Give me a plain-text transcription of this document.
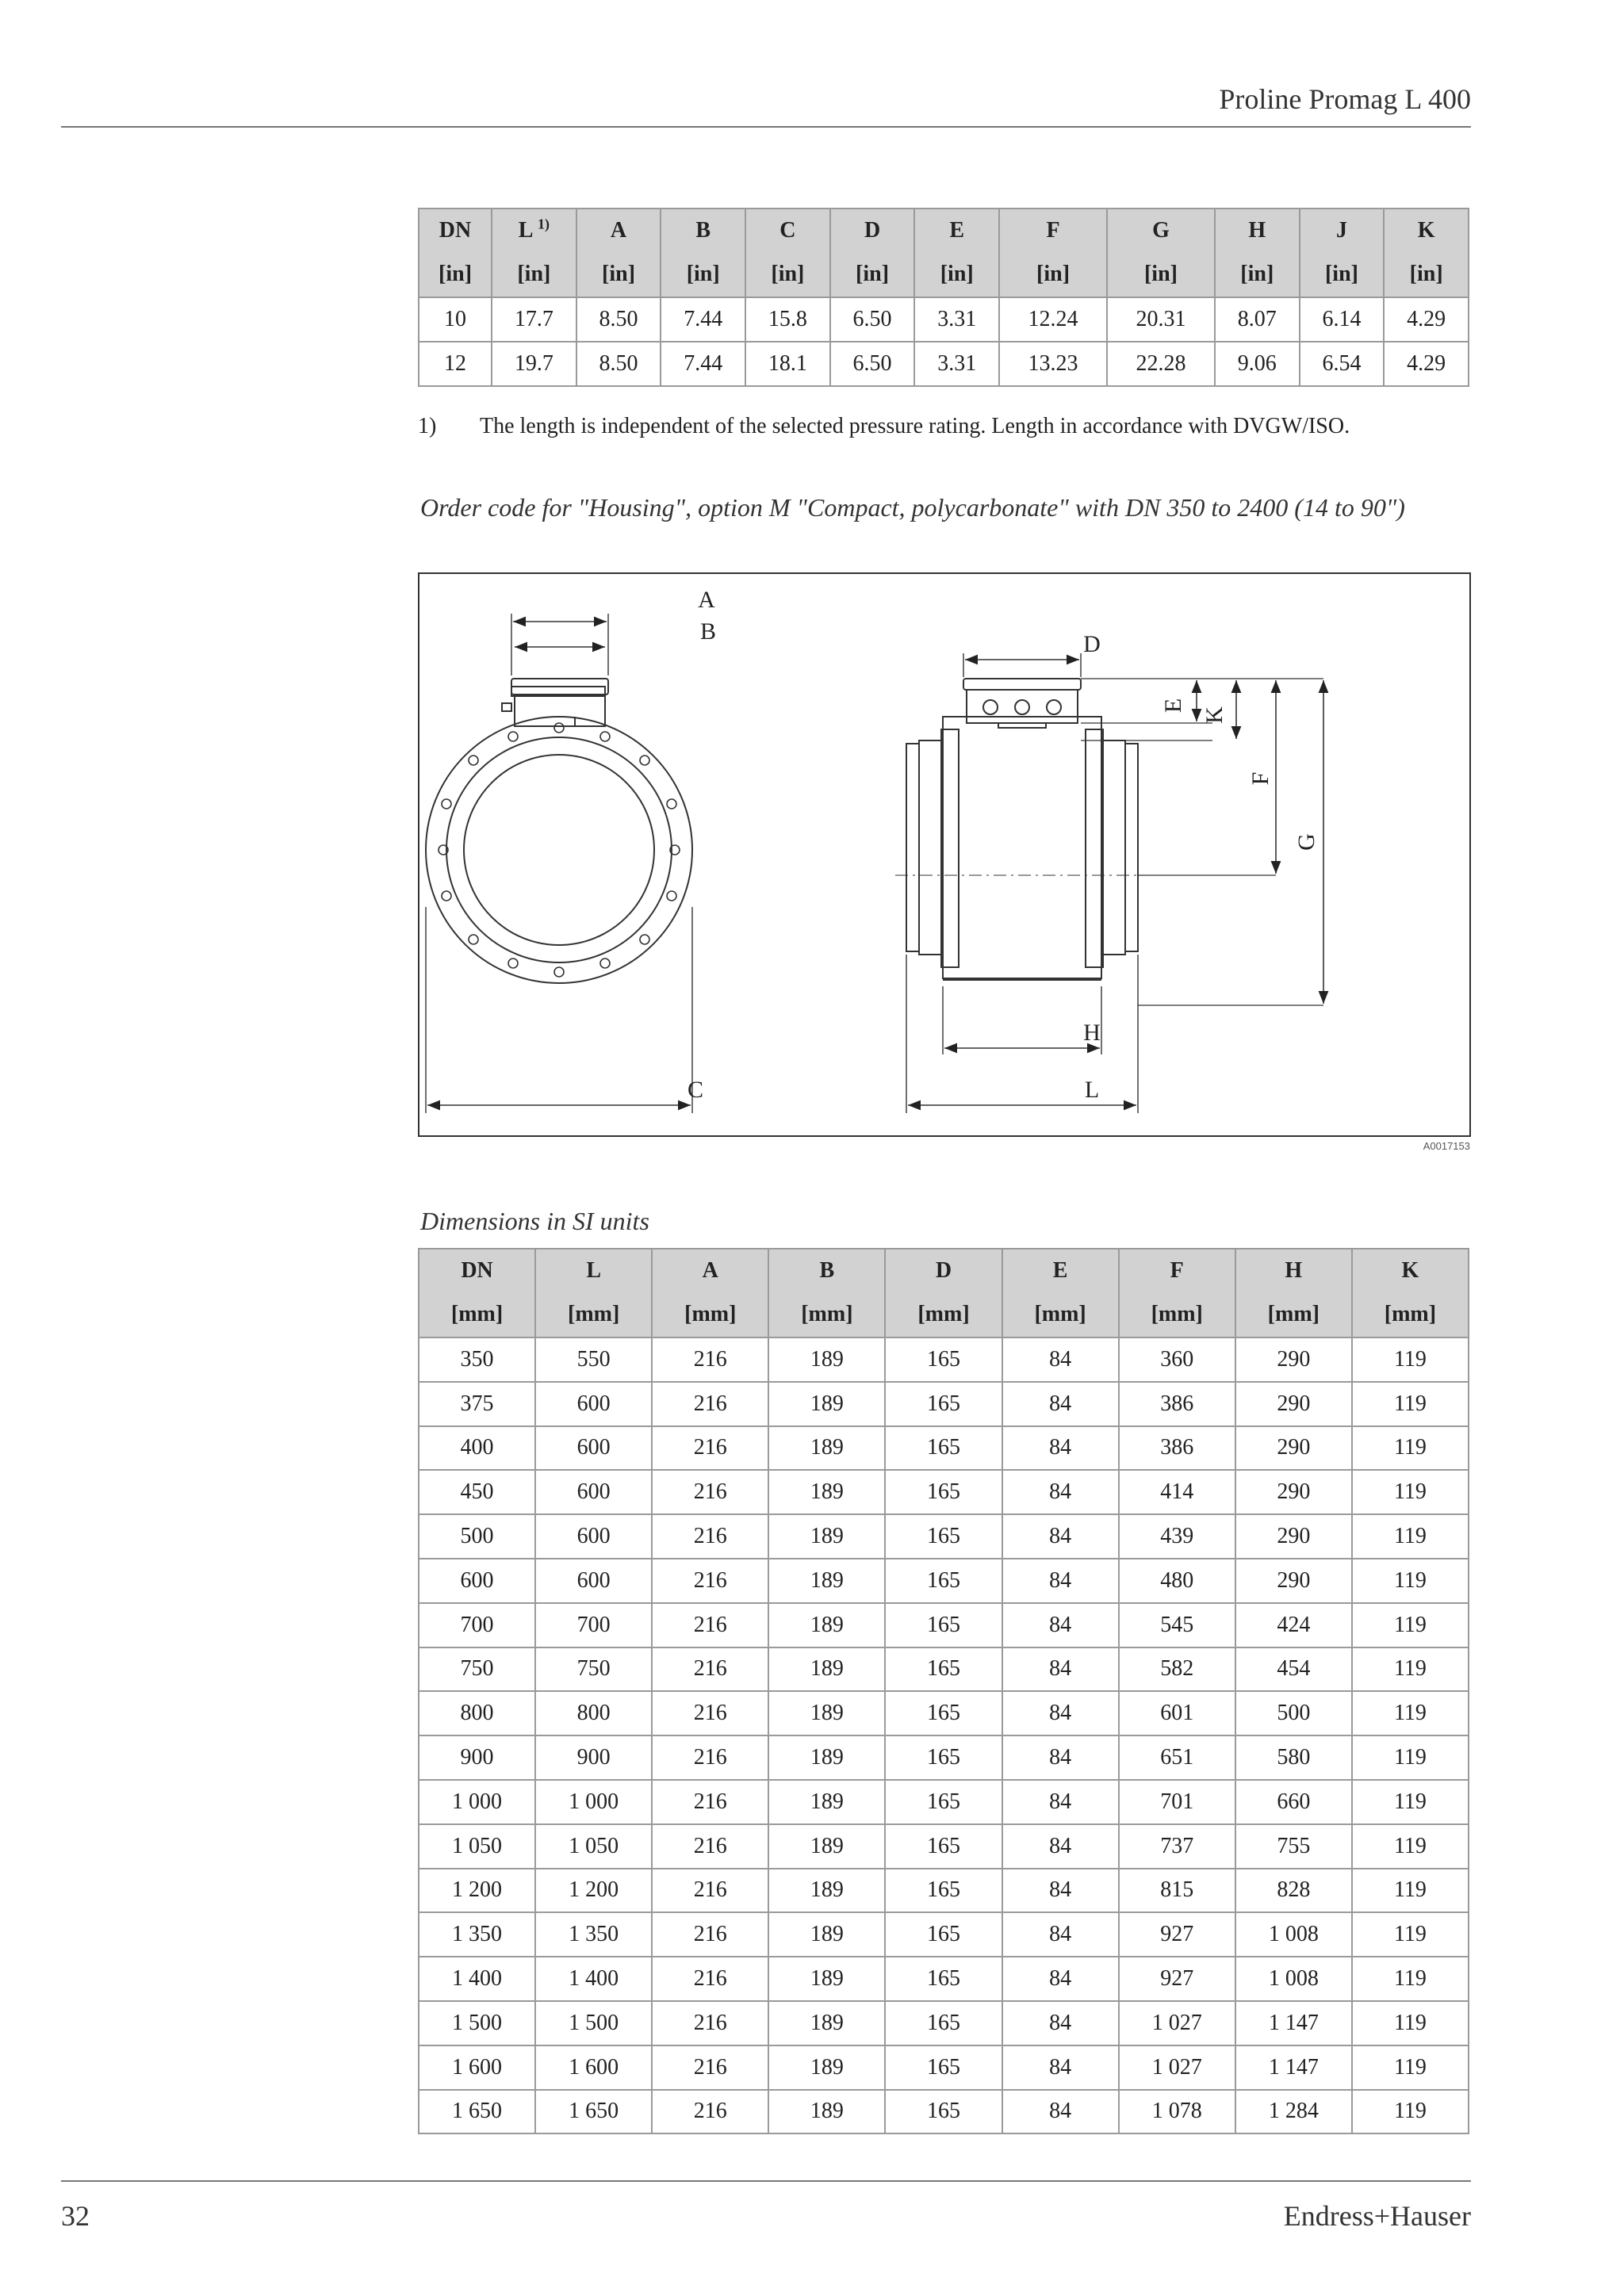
Proline Promag L 400
DN	L $^{1)}$	A	B	C	D	E	F	G	H	J	K
[in]	[in]	[in]	[in]	[in]	[in]	[in]	[in]	[in]	[in]	[in]	[in]
10	17.7	8.50	7.44	15.8	6.50	3.31	12.24	20.31	8.07	6.14	4.29
12	19.7	8.50	7.44	18.1	6.50	3.31	13.23	22.28	9.06	6.54	4.29
1) The length is independent of the selected pressure rating. Length in accordance with DVGW/ISO.
Order code for "Housing", option M "Compact, polycarbonate" with DN 350 to 2400 (14 to 90")
A
B
C
D
H
L
E
K
F
G
A0017153
Dimensions in SI units
DN	L	A	B	D	E	F	H	K
[mm]	[mm]	[mm]	[mm]	[mm]	[mm]	[mm]	[mm]	[mm]
350	550	216	189	165	84	360	290	119
375	600	216	189	165	84	386	290	119
400	600	216	189	165	84	386	290	119
450	600	216	189	165	84	414	290	119
500	600	216	189	165	84	439	290	119
600	600	216	189	165	84	480	290	119
700	700	216	189	165	84	545	424	119
750	750	216	189	165	84	582	454	119
800	800	216	189	165	84	601	500	119
900	900	216	189	165	84	651	580	119
1 000	1 000	216	189	165	84	701	660	119
1 050	1 050	216	189	165	84	737	755	119
1 200	1 200	216	189	165	84	815	828	119
1 350	1 350	216	189	165	84	927	1 008	119
1 400	1 400	216	189	165	84	927	1 008	119
1 500	1 500	216	189	165	84	1 027	1 147	119
1 600	1 600	216	189	165	84	1 027	1 147	119
1 650	1 650	216	189	165	84	1 078	1 284	119
32	Endress+Hauser
